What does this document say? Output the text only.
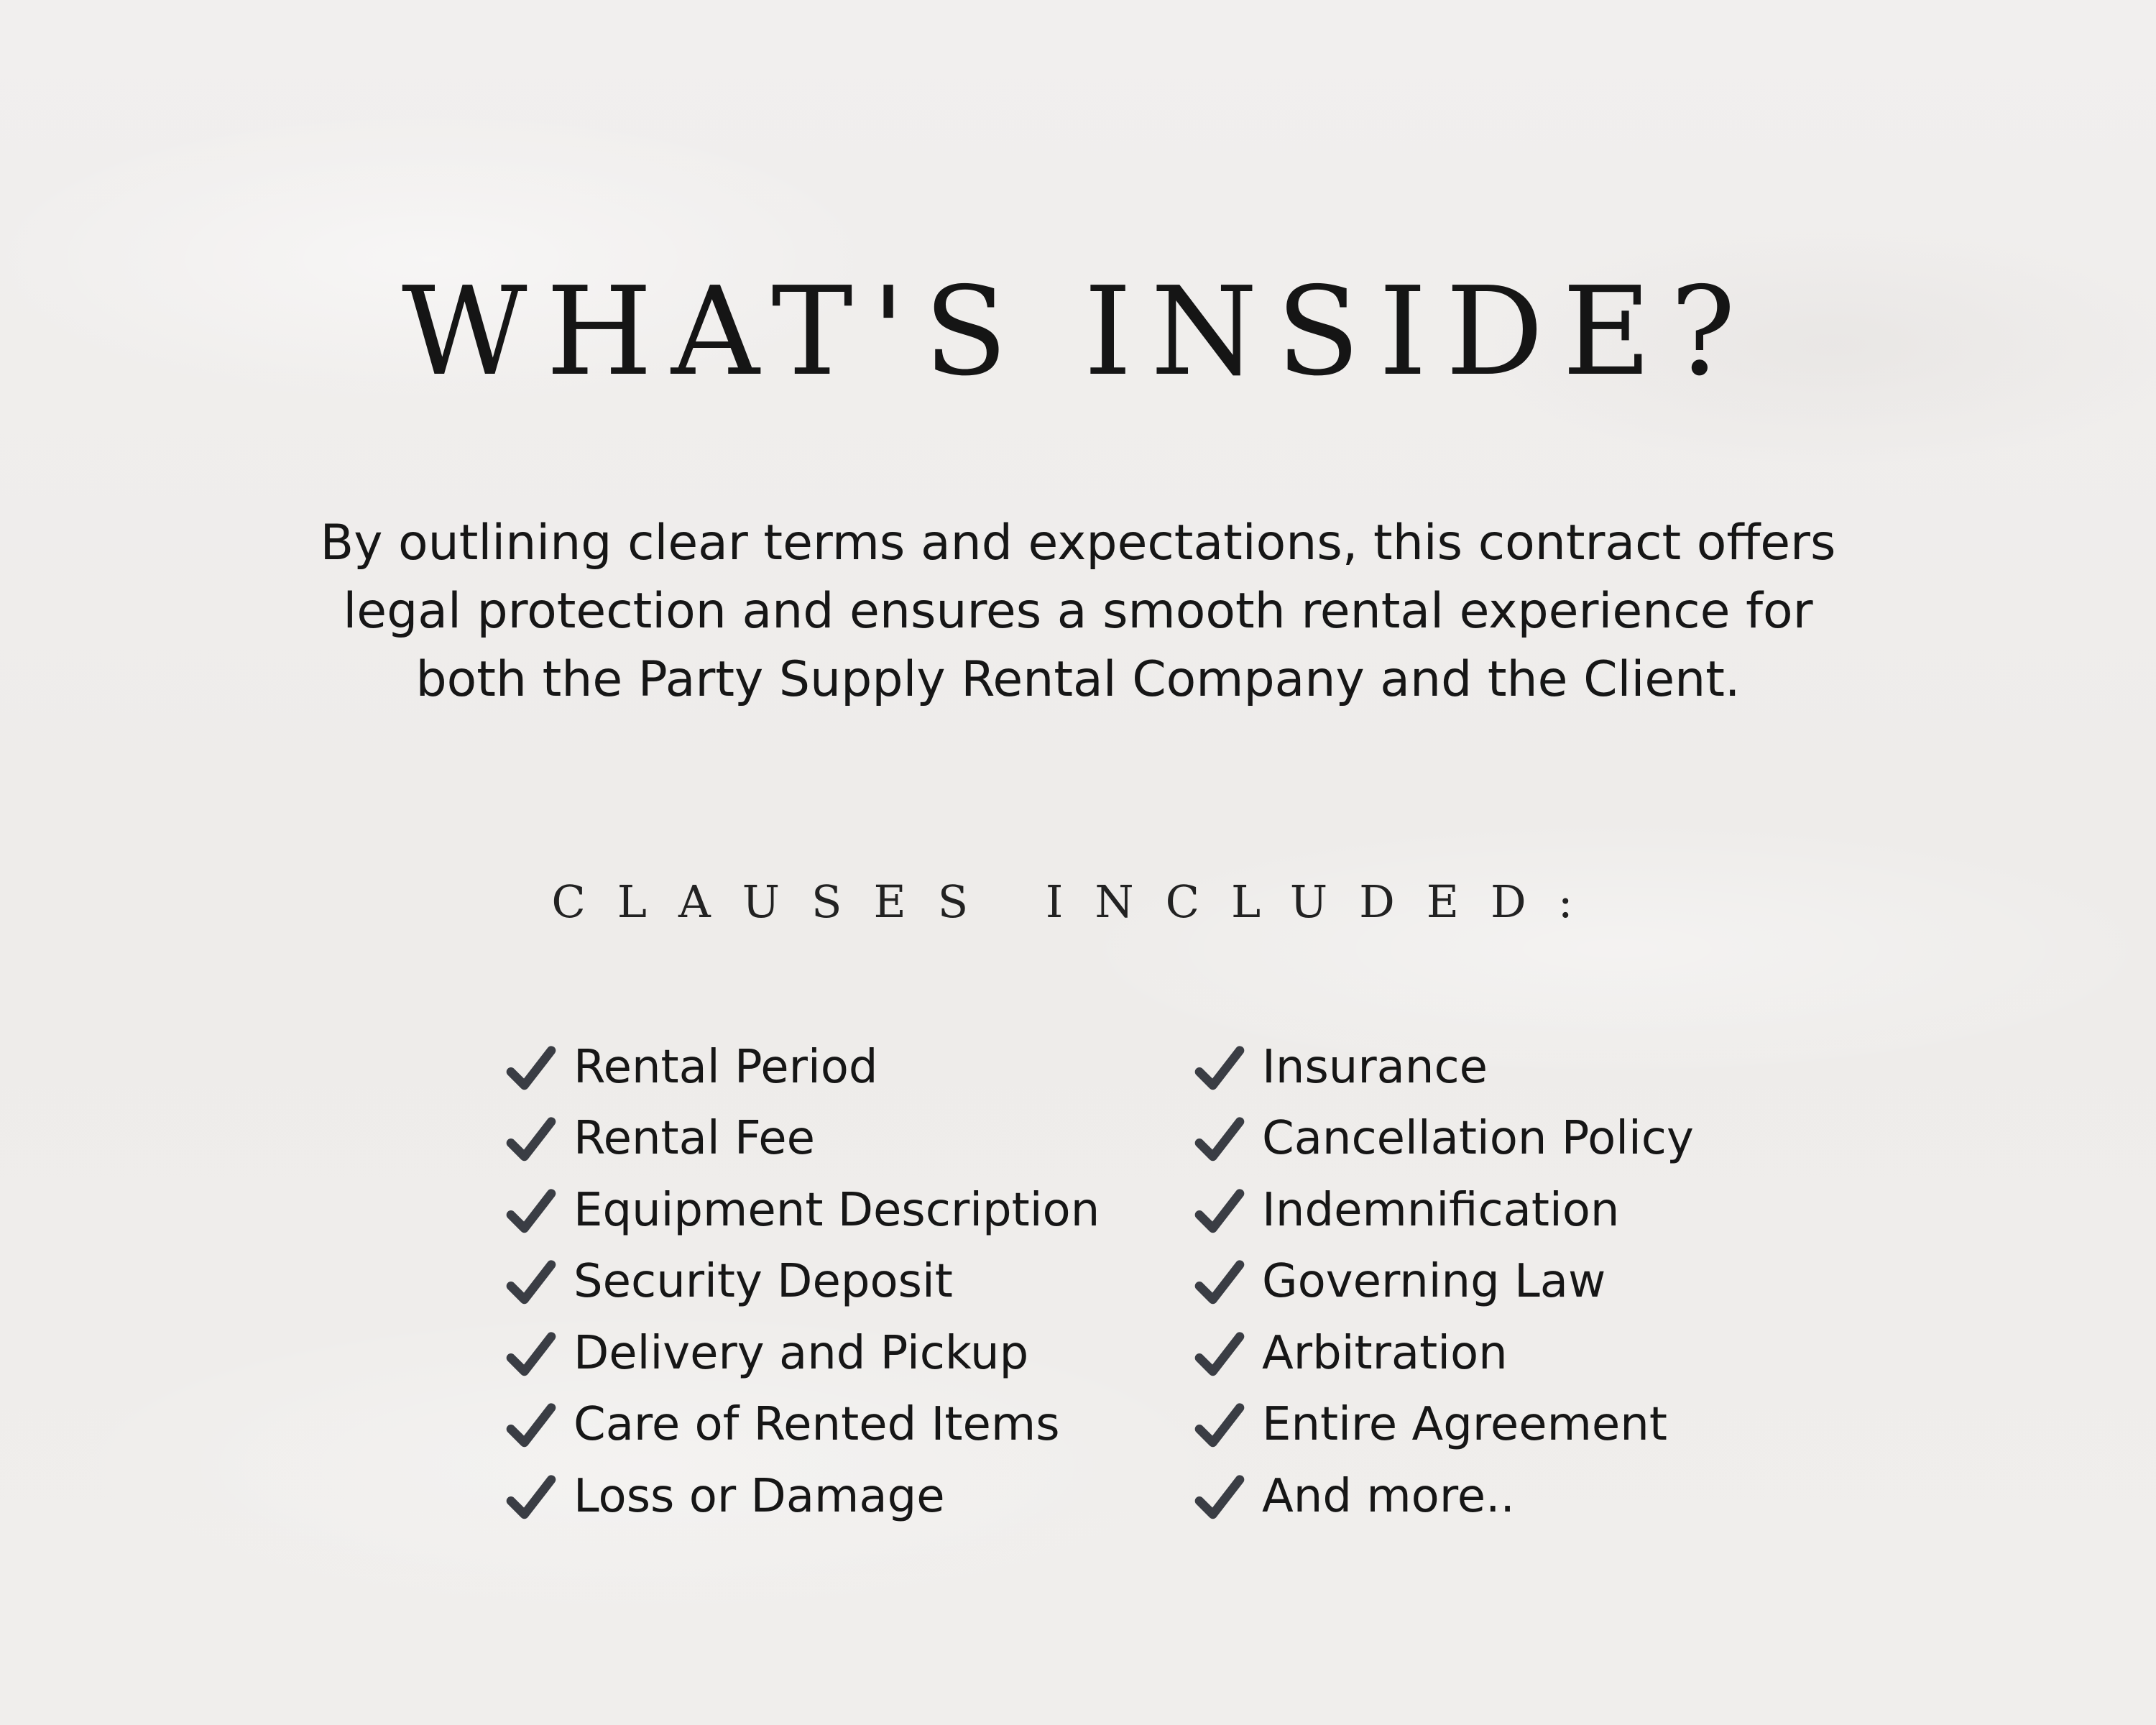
WHAT'S INSIDE?

By outlining clear terms and expectations, this contract offers
legal protection and ensures a smooth rental experience for
both the Party Supply Rental Company and the Client.

CLAUSES INCLUDED:
Rental Period
Rental Fee
Equipment Description
Security Deposit
Delivery and Pickup
Care of Rented Items
Loss or Damage
Insurance
Cancellation Policy
Indemnification
Governing Law
Arbitration
Entire Agreement
And more..
